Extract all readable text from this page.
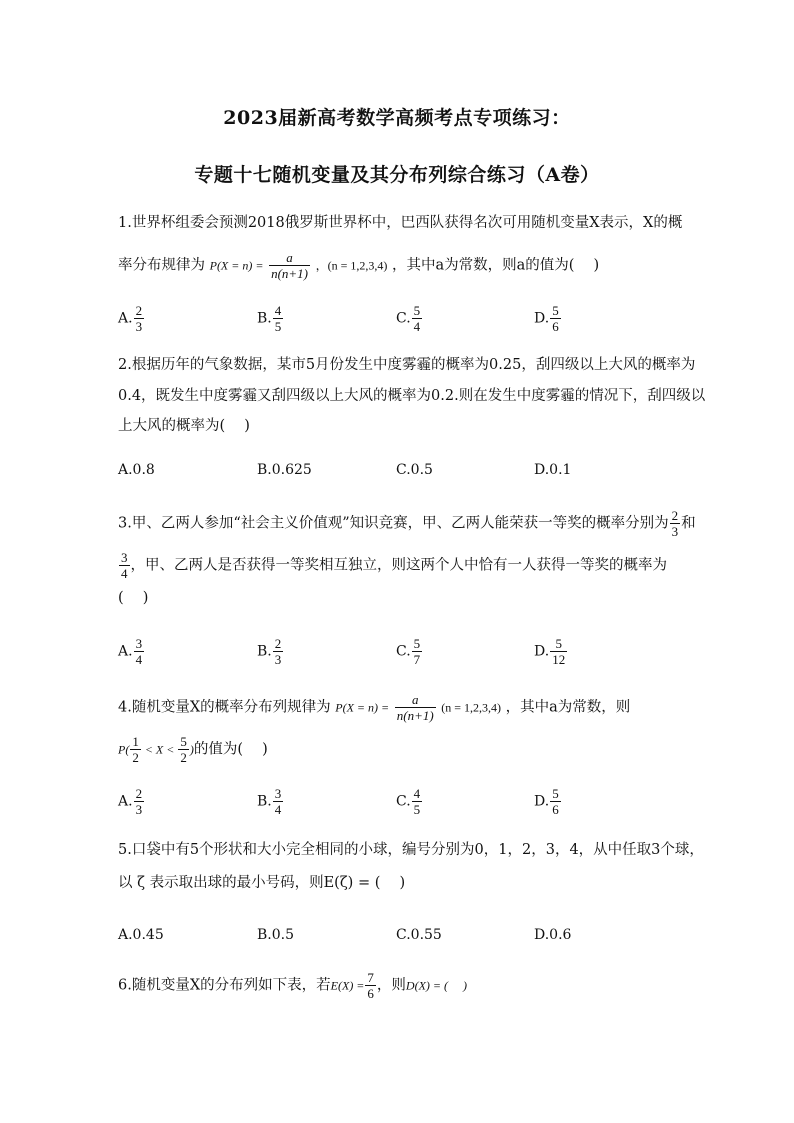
2023届新高考数学高频考点专项练习：
专题十七随机变量及其分布列综合练习（A卷）
1.世界杯组委会预测2018俄罗斯世界杯中，巴西队获得名次可用随机变量X表示，X的概
率分布规律为 $P(X = n) = \frac{a}{n(n+1)}$ ，(n = 1,2,3,4) ，其中a为常数，则a的值为(　 )
A. $\frac{2}{3}$	B. $\frac{4}{5}$	C. $\frac{5}{4}$	D. $\frac{5}{6}$
2.根据历年的气象数据，某市5月份发生中度雾霾的概率为0.25，刮四级以上大风的概率为
0.4，既发生中度雾霾又刮四级以上大风的概率为0.2.则在发生中度雾霾的情况下，刮四级以
上大风的概率为(　 )
A.0.8	B.0.625	C.0.5	D.0.1
3.甲、乙两人参加“社会主义价值观”知识竞赛，甲、乙两人能荣获一等奖的概率分别为 $\frac{2}{3}$ 和
$\frac{3}{4}$ ，甲、乙两人是否获得一等奖相互独立，则这两个人中恰有一人获得一等奖的概率为
(　 )
A. $\frac{3}{4}$	B. $\frac{2}{3}$	C. $\frac{5}{7}$	D. $\frac{5}{12}$
4.随机变量X的概率分布列规律为 $P(X = n) = \frac{a}{n(n+1)} (n = 1,2,3,4)$ ，其中a为常数，则
$P( \frac{1}{2} < X < \frac{5}{2}$ )的值为(　 )
A. $\frac{2}{3}$	B. $\frac{3}{4}$	C. $\frac{4}{5}$	D. $\frac{5}{6}$
5.口袋中有5个形状和大小完全相同的小球，编号分别为0，1，2，3，4，从中任取3个球，
以 ζ 表示取出球的最小号码，则E(ζ) = (　 )
A.0.45	B.0.5	C.0.55	D.0.6
6.随机变量X的分布列如下表，若$E(X) = \frac{7}{6}$ ，则D(X) = (　 )
